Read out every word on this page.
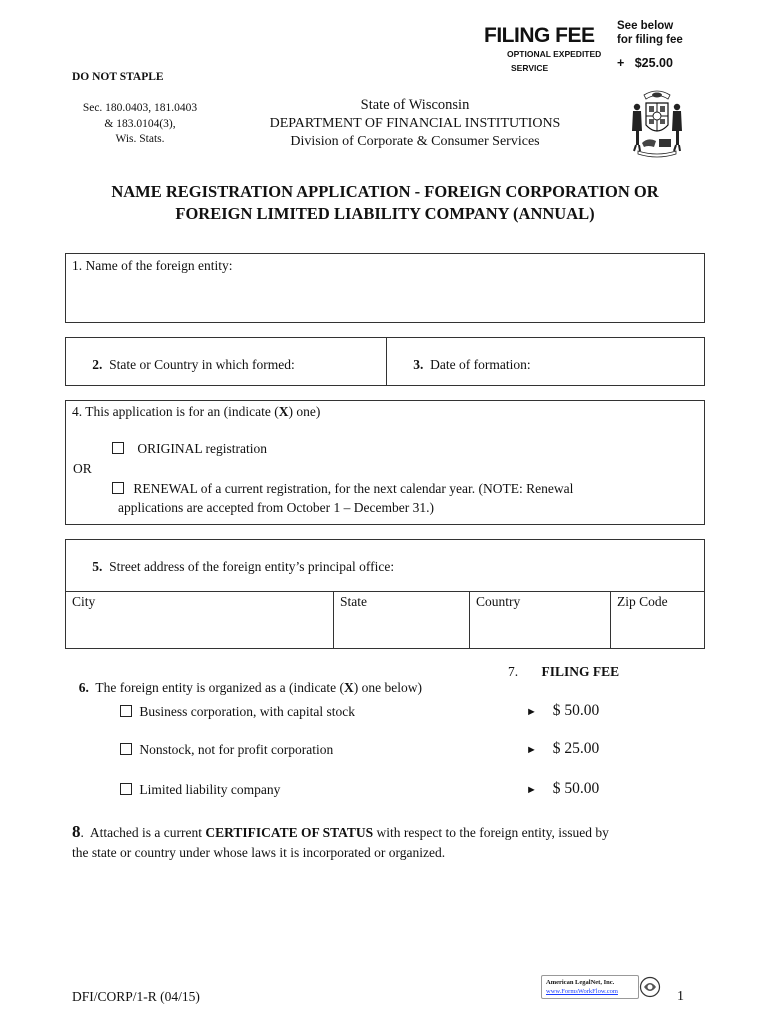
FILING FEE See below
for filing fee
OPTIONAL EXPEDITED
SERVICE	+   $25.00
DO NOT STAPLE
Sec. 180.0403, 181.0403
& 183.0104(3),
Wis. Stats.
State of Wisconsin
DEPARTMENT OF FINANCIAL INSTITUTIONS
Division of Corporate & Consumer Services
NAME REGISTRATION APPLICATION - FOREIGN CORPORATION OR
FOREIGN LIMITED LIABILITY COMPANY (ANNUAL)
1. Name of the foreign entity:

2.  State or Country in which formed:
	3.  Date of formation:

4. This application is for an (indicate (X) one)
ORIGINAL registration
OR
RENEWAL of a current registration, for the next calendar year. (NOTE: Renewal
applications are accepted from October 1 – December 31.)

5.  Street address of the foreign entity’s principal office:

City	State	Country	Zip Code

6.  The foreign entity is organized as a (indicate (X) one below)

7. FILING FEE
Business corporation, with capital stock	► $ 50.00
Nonstock, not for profit corporation	► $ 25.00
Limited liability company	► $ 50.00
8.  Attached is a current CERTIFICATE OF STATUS with respect to the foreign entity, issued by
the state or country under whose laws it is incorporated or organized.
DFI/CORP/1-R (04/15)
American LegalNet, Inc.
www.FormsWorkFlow.com	1
